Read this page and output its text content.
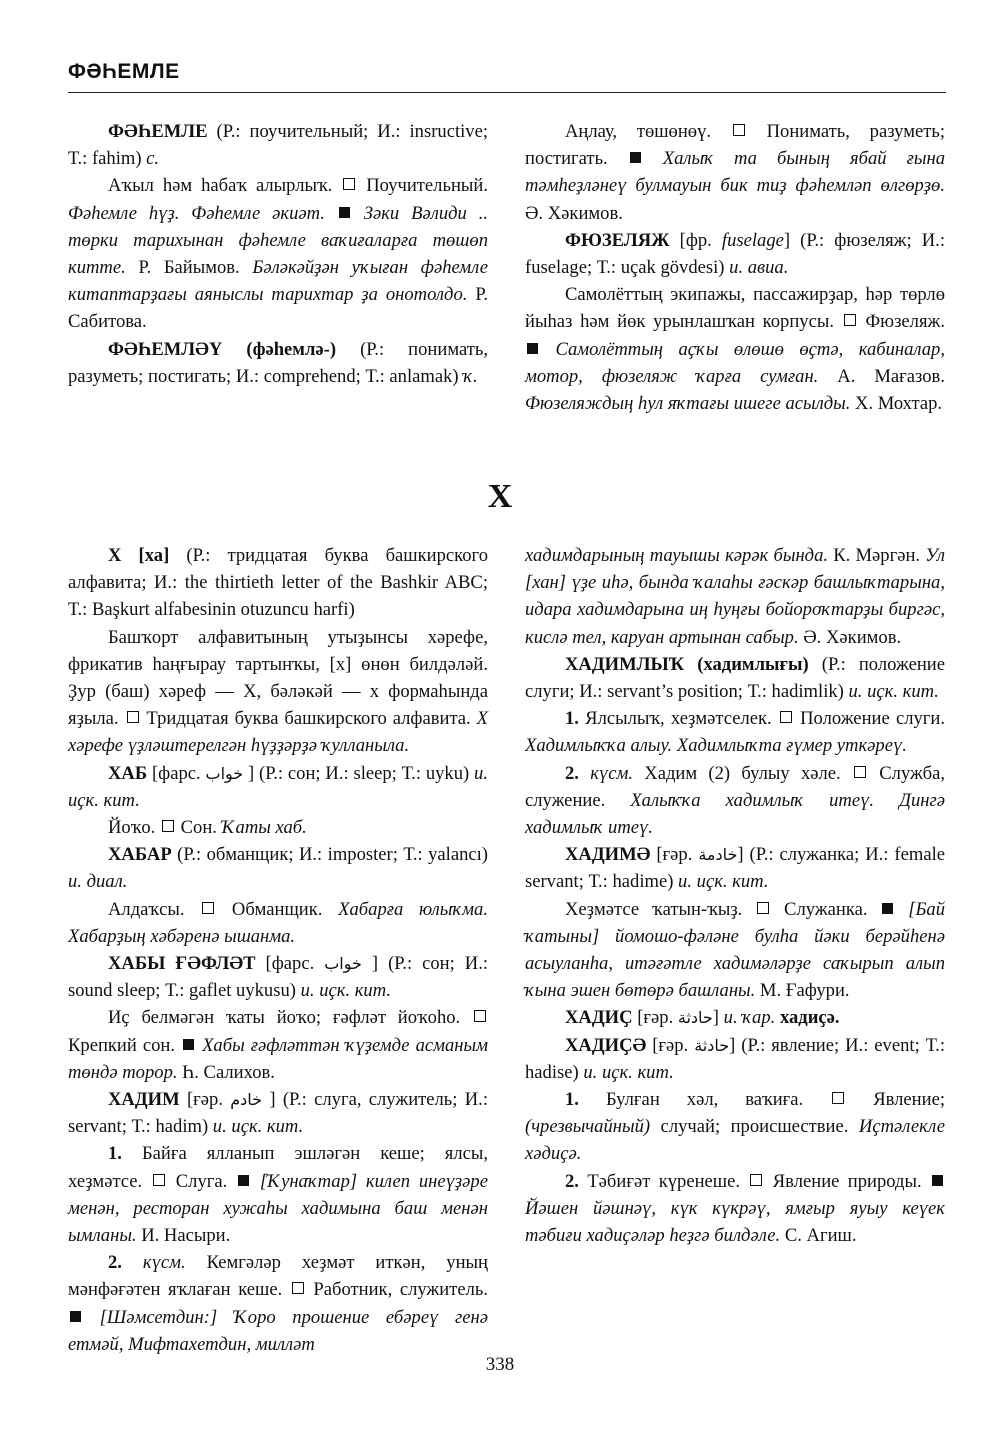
ФӘҺЕМЛЕ

ФӘҺЕМЛЕ (Р.: поучительный; И.: insructive; Т.: fahim) с.

Аҡыл һәм һабаҡ алырлыҡ.  Поучительный. Фәһемле һүҙ. Фәһемле әкиәт.  Зәки Вәлиди .. төрки тарихынан фәһемле ваҡиғаларға төшөп китте. Р. Байымов. Бәләкәйҙән уҡыған фәһемле китаптарҙағы аяныслы тарихтар ҙа онотолдо. Р. Сабитова.

ФӘҺЕМЛӘҮ (фәһемлә-) (Р.: понимать, разуметь; постигать; И.: comprehend; Т.: anlamak) ҡ.

Аңлау, төшөнөү.  Понимать, разуметь; постигать.  Халыҡ та бының ябай ғына тәмһеҙләнеү булмауын бик тиҙ фәһемләп өлгөрҙө. Ә. Хәкимов.

ФЮЗЕЛЯЖ [фр. fuselage] (Р.: фюзеляж; И.: fuselage; Т.: uçak gövdesi) и. авиа.

Самолёттың экипажы, пассажирҙар, һәр төрлө йыһаз һәм йөк урынлашҡан корпусы.  Фюзеляж.  Самолёттың аҫҡы өлөшө өҫтә, кабиналар, мотор, фюзеляж ҡарға сумған. А. Мағазов. Фюзеляждың һул яҡтағы ишеге асылды. Х. Мохтар.

Х

Х [ха] (Р.: тридцатая буква башкирского алфавита; И.: the thirtieth letter of the Bashkir ABC; Т.: Başkurt alfabesinin otuzuncu harfi)

Башҡорт алфавитының утыҙынсы хәрефе, фрикатив һаңғырау тартынҡы, [х] өнөн билдәләй. Ҙур (баш) хәреф — Х, бәләкәй — х формаһында яҙыла.  Тридцатая буква башкирского алфавита. Х хәрефе үҙләштерелгән һүҙҙәрҙә ҡулланыла.

ХАБ [фарс. خواب ] (Р.: сон; И.: sleep; Т.: uyku) и. иҫк. кит.

Йоҡо.  Сон. Ҡаты хаб.

ХАБАР (Р.: обманщик; И.: imposter; Т.: yalancı) и. диал.

Алдаҡсы.  Обманщик. Хабарға юлыҡма. Хабарҙың хәбәренә ышанма.

ХАБЫ ҒӘФЛӘТ [фарс. خواب ] (Р.: сон; И.: sound sleep; Т.: gaflet uykusu) и. иҫк. кит.

Иҫ белмәгән ҡаты йоҡо; ғәфләт йоҡоһо.  Крепкий сон.  Хабы ғәфләттән ҡүҙемде асманым төндә торop. Һ. Салихов.

ХАДИМ [ғәр. خادم ] (Р.: слуга, служитель; И.: servant; Т.: hadim) и. иҫк. кит.

1. Байға ялланып эшләгән кеше; ялсы, хеҙмәтсе.  Слуга.  [Ҡунаҡтар] килеп инеүҙәре менән, ресторан хужаһы хадимына баш менән ымланы. И. Насыри.

2. күсм. Кемгәләр хеҙмәт иткән, уның мәнфәғәтен яҡлаған кеше.  Работник, служитель.  [Шәмсетдин:] Ҡоро прошение ебәреү генә етмәй, Мифтахетдин, милләт

хадимдарының тауышы кәрәк бында. К. Мәргән. Ул [хан] үҙе иһә, бында ҡалаһы ғәскәр башлыҡтарына, идара хадимдарына иң һуңғы бойороҡтарҙы биргәс, кислә тел, каруан артынан сабыр. Ә. Хәкимов.

ХАДИМЛЫҠ (хадимлығы) (Р.: положение слуги; И.: servant’s position; Т.: hadimlik) и. иҫк. кит.

1. Ялсылыҡ, хеҙмәтселек.  Положение слуги. Хадимлыҡҡа алыу. Хадимлыҡта ғүмер уткәреү.

2. күсм. Хадим (2) булыу хәле.  Служба, служение. Халыҡҡа хадимлыҡ итеү. Дингә хадимлыҡ итеү.

ХАДИМӘ [ғәр. خادمة] (Р.: служанка; И.: female servant; Т.: hadime) и. иҫк. кит.

Хеҙмәтсе ҡатын-ҡыҙ.  Служанка.  [Бай ҡатыны] йомошо-фәләне булһа йәки берәйһенә асыуланһа, итәғәтле хадимәләрҙе саҡырып алып ҡына эшен бөтөрә башланы. М. Ғафури.

ХАДИҪ [ғәр. حادثة] и. ҡар. хадиҫә.

ХАДИҪӘ [ғәр. حادثة] (Р.: явление; И.: event; Т.: hadise) и. иҫк. кит.

1. Булған хәл, ваҡиға.  Явление; (чрезвычайный) случай; происшествие. Иҫтәлекле хәдиҫә.

2. Тәбиғәт күренеше.  Явление природы.  Йәшен йәшнәү, күк күкрәү, ямғыр яуыу кеүек тәбиғи хадиҫәләр һеҙгә билдәле. С. Агиш.

338
